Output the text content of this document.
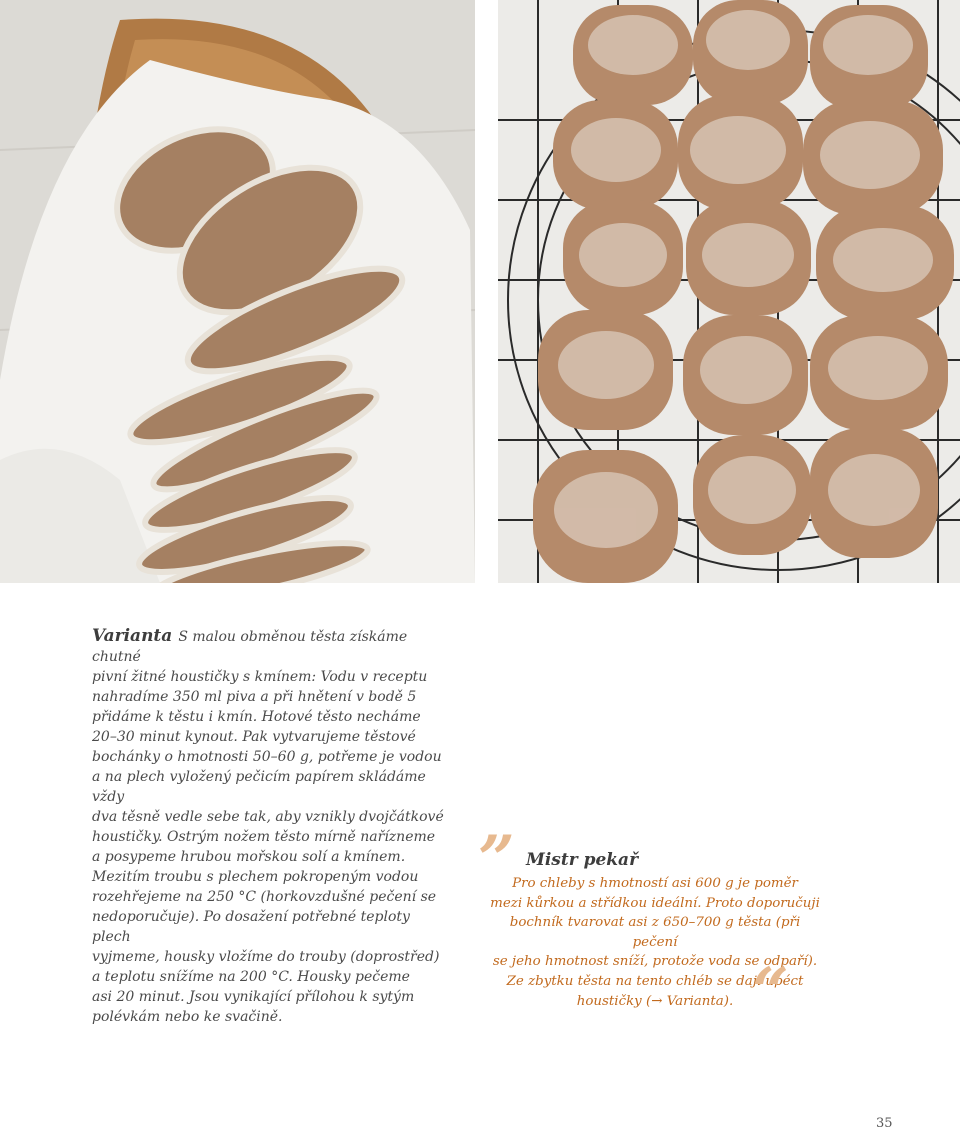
Varianta S malou obměnou těsta získáme chutné
pivní žitné houstičky s kmínem: Vodu v receptu
nahradíme 350 ml piva a při hnětení v bodě 5
přidáme k těstu i kmín. Hotové těsto necháme
20–30 minut kynout. Pak vytvarujeme těstové
bochánky o hmotnosti 50–60 g, potřeme je vodou
a na plech vyložený pečicím papírem skládáme vždy
dva těsně vedle sebe tak, aby vznikly dvojčátkové
houstičky. Ostrým nožem těsto mírně nařízneme
a posypeme hrubou mořskou solí a kmínem.
Mezitím troubu s plechem pokropeným vodou
rozehřejeme na 250 °C (horkovzdušné pečení se
nedoporučuje). Po dosažení potřebné teploty plech
vyjmeme, housky vložíme do trouby (doprostřed)
a teplotu snížíme na 200 °C. Housky pečeme
asi 20 minut. Jsou vynikající přílohou k sytým
polévkám nebo ke svačině.
” Mistr pekař
Pro chleby s hmotností asi 600 g je poměr
mezi kůrkou a střídkou ideální. Proto doporučuji
bochník tvarovat asi z 650–700 g těsta (při pečení
se jeho hmotnost sníží, protože voda se odpaří).
Ze zbytku těsta na tento chléb se dají upéct
houstičky (→ Varianta). “
35
